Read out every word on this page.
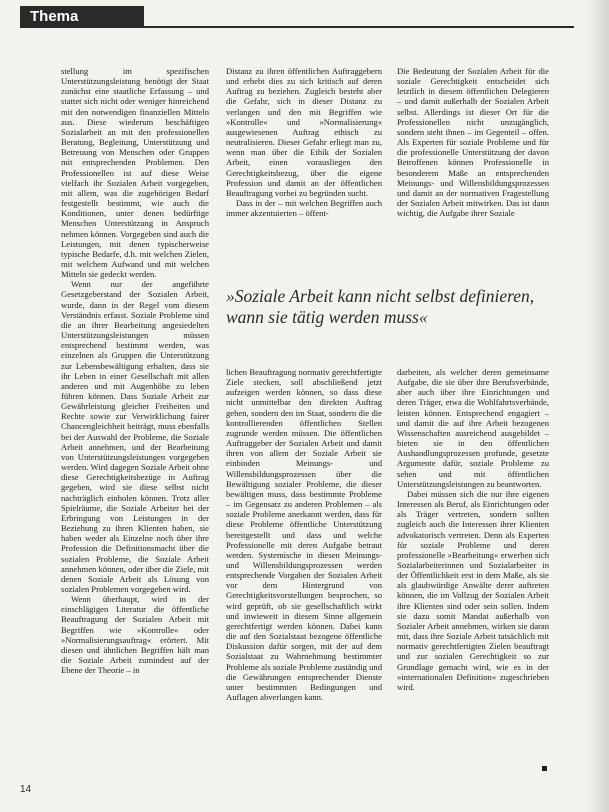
Thema

stellung im spezifischen Unterstützungsleistung benötigt der Staat zunächst eine staatliche Erfassung – und stattet sich nicht oder weniger hinreichend mit den notwendigen finanziellen Mitteln aus. Diese wiederum beschäftigen Sozialarbeit an mit den professionellen Beratung, Begleitung, Unterstützung und Betreuung von Menschen oder Gruppen mit entsprechenden Problemen. Den Professionellen ist auf diese Weise vielfach ihr Sozialen Arbeit vorgegeben, mit allem, was die zugehörigen Bedarf festgestellt bestimmt, wie auch die Konditionen, unter denen bedürftige Menschen Unterstützung in Anspruch nehmen können. Vorgegeben sind auch die Leistungen, mit denen typischerweise typische Bedarfe, d.h. mit welchen Zielen, mit welchem Aufwand und mit welchen Mitteln sie gedeckt werden.

Wenn nur der angeführte Gesetzgeberstand der Sozialen Arbeit, wurde, dann in der Regel vom diesem Verständnis erfasst. Soziale Probleme sind die an ihrer Bearbeitung angesiedelten Unterstützungsleistungen müssen entsprechend bestimmt werden, was einzelnen als Gruppen die Unterstützung zur Lebensbewältigung erhalten, dass sie ihr Leben in einer Gesellschaft mit allen anderen und mit Augenhöhe zu leben führen können. Dass Soziale Arbeit zur Gewährleistung gleicher Freiheiten und Rechte sowie zur Verwirklichung fairer Chancengleichheit beiträgt, muss ebenfalls bei der Auswahl der Probleme, die Soziale Arbeit annehmen, und der Bearbeitung von Unterstützungsleistungen vorgegeben werden. Wird dagegen Soziale Arbeit ohne diese Gerechtigkeitsbezüge in Auftrag gegeben, wird sie diese selbst nicht nachträglich einholen können. Trotz aller Spielräume, die Soziale Arbeiter bei der Erbringung von Leistungen in der Beziehung zu ihren Klienten haben, sie haben weder als Einzelne noch über ihre Profession die Definitionsmacht über die sozialen Probleme, die Soziale Arbeit annehmen können, oder über die Ziele, mit denen Soziale Arbeit als Lösung von sozialen Problemen vorgegeben wird.

Wenn überhaupt, wird in der einschlägigen Literatur die öffentliche Beauftragung der Sozialen Arbeit mit Begriffen wie »Kontrolle« oder »Normalisierungsauftrag« erörtert. Mit diesen und ähnlichen Begriffen hält man die Soziale Arbeit zumindest auf der Ebene der Theorie – in

Distanz zu ihren öffentlichen Auftraggebern und erhebt dies zu sich kritisch auf deren Auftrag zu beziehen. Zugleich besteht aber die Gefahr, sich in dieser Distanz zu verlangen und den mit Begriffen wie »Kontrolle« und »Normalisierung« ausgewiesenen Auftrag ethisch zu neutralisieren. Dieser Gefahr erliegt man zu, wenn man über die Ethik der Sozialen Arbeit, einen vorausliegen den Gerechtigkeitsbezug, über die eigene Profession und damit an der öffentlichen Beauftragung vorbei zu begründen sucht.

Dass in der – mit welchen Begriffen auch immer akzentuierten – öffent-

Die Bedeutung der Sozialen Arbeit für die soziale Gerechtigkeit entscheidet sich letztlich in diesem öffentlichen Delegieren – und damit außerhalb der Sozialen Arbeit selbst. Allerdings ist dieser Ort für die Professionellen nicht unzugänglich, sondern steht ihnen – im Gegenteil – offen. Als Experten für soziale Probleme und für die professionelle Unterstützung der davon Betroffenen können Professionelle in besonderem Maße an entsprechenden Meinungs- und Willensbildungsprozessen und damit an der normativen Fragestellung der Sozialen Arbeit mitwirken. Das ist dann wichtig, die Aufgabe ihrer Soziale

»Soziale Arbeit kann nicht selbst definieren, wann sie tätig werden muss«

lichen Beauftragung normativ gerechtfertigte Ziele stecken, soll abschließend jetzt aufzeigen werden können, so dass diese nicht unmittelbar den direkten Auftrag gehen, sondern den im Staat, sondern die die kontrollierenden öffentlichen Stellen zugrunde werden müssen. Die öffentlichen Auftraggeber der Sozialen Arbeit und damit ihren von allem der Soziale Arbeit sie einbinden Meinungs- und Willensbildungsprozessen über die Bewältigung sozialer Probleme, die dieser bewältigen muss, dass bestimmte Probleme – im Gegensatz zu anderen Problemen – als soziale Probleme anerkannt werden, dass für diese Probleme öffentliche Unterstützung bereitgestellt und dass und welche Professionelle mit deren Aufgabe betraut werden. Systemische in diesen Meinungs- und Willensbildungsprozessen werden entsprechende Vorgaben der Sozialen Arbeit vor dem Hintergrund von Gerechtigkeitsvorstellungen besprochen, so wird geprüft, ob sie gesellschaftlich wirkt und inwieweit in diesem Sinne allgemein gerechtfertigt werden können. Dabei kann die auf den Sozialstaat bezogene öffentliche Diskussion dafür sorgen, mit der auf dem Sozialstaat zu Wahrnehmung bestimmter Probleme als soziale Probleme zuständig und die Gewährungen entsprechender Dienste unter bestimmten Bedingungen und Auflagen abverlangen kann.

darbeiten, als welcher deren gemeinsame Aufgabe, die sie über ihre Berufsverbände, aber auch über ihre Einrichtungen und deren Träger, etwa die Wohlfahrtsverbände, leisten können. Entsprechend engagiert – und damit die auf ihre Arbeit bezogenen Wissenschaften ausreichend ausgebildet – bieten sie in den öffentlichen Aushandlungsprozessen profunde, gesetzte Argumente dafür, soziale Probleme zu sehen und mit öffentlichen Unterstützungsleistungen zu beantworten.

Dabei müssen sich die nur ihre eigenen Interessen als Beruf, als Einrichtungen oder als Träger vertreten, sondern sollten zugleich auch die Interessen ihrer Klienten advokatorisch vertreten. Denn als Experten für soziale Probleme und deren professionelle »Bearbeitung« erwerben sich Sozialarbeiterinnen und Sozialarbeiter in der Öffentlichkeit erst in dem Maße, als sie als glaubwürdige Anwälte derer auftreten können, die im Vollzug der Sozialen Arbeit ihre Klienten sind oder sein sollen. Indem sie dazu somit Mandat außerhalb von Sozialer Arbeit annehmen, wirken sie daran mit, dass ihre Soziale Arbeit tatsächlich mit normativ gerechtfertigten Zielen beauftragt und zur sozialen Gerechtigkeit so zur Grundlage gemacht wird, wie es in der »internationalen Definition« zugeschrieben wird.

14
